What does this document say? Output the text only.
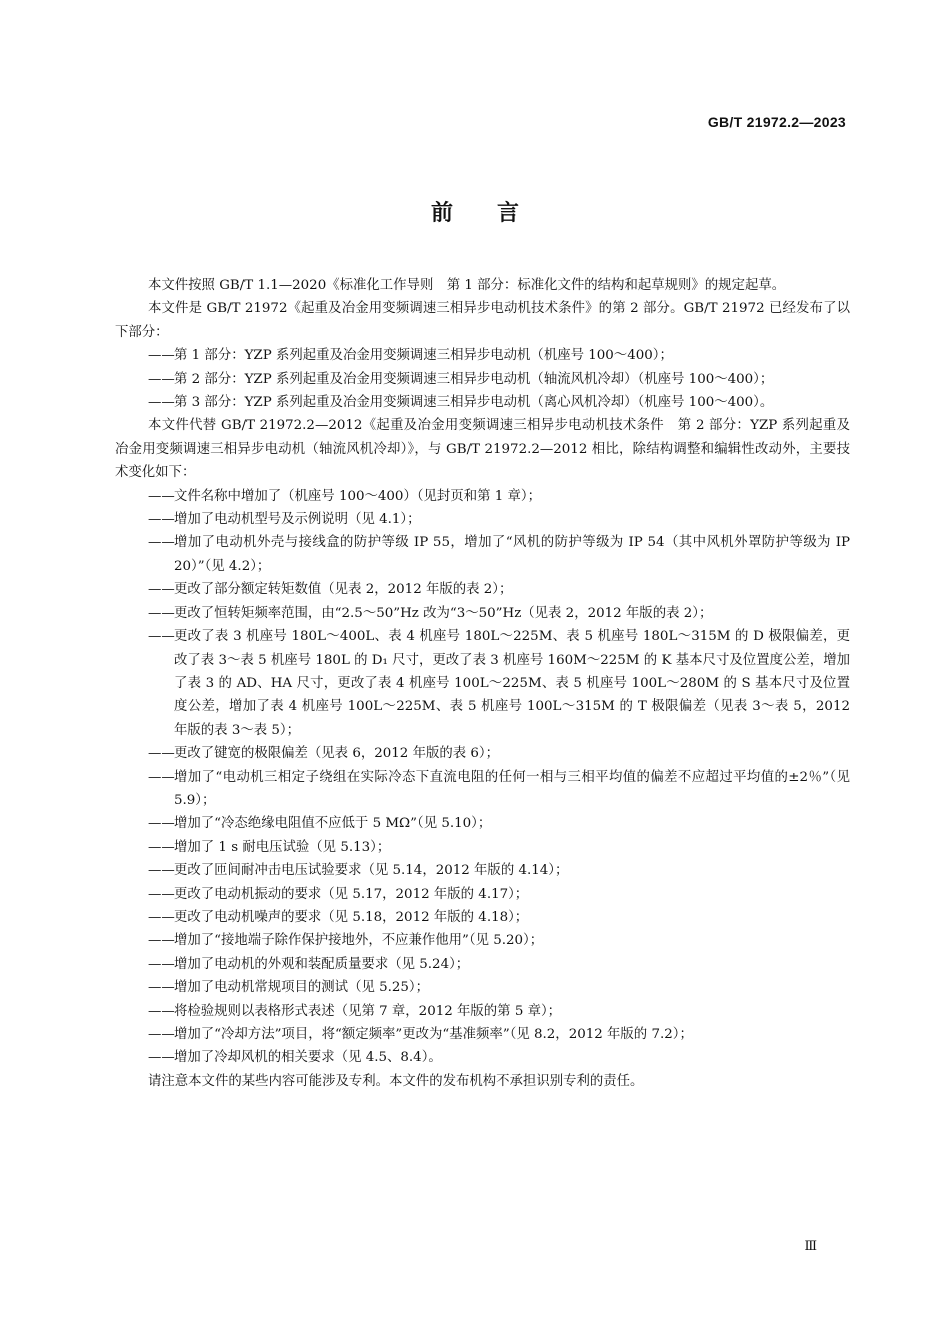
GB/T 21972.2—2023
前言
本文件按照 GB/T 1.1—2020《标准化工作导则　第 1 部分：标准化文件的结构和起草规则》的规定起草。
本文件是 GB/T 21972《起重及冶金用变频调速三相异步电动机技术条件》的第 2 部分。GB/T 21972 已经发布了以下部分：
—— 第 1 部分：YZP 系列起重及冶金用变频调速三相异步电动机（机座号 100～400）；
—— 第 2 部分：YZP 系列起重及冶金用变频调速三相异步电动机（轴流风机冷却）（机座号 100～400）；
—— 第 3 部分：YZP 系列起重及冶金用变频调速三相异步电动机（离心风机冷却）（机座号 100～400）。
本文件代替 GB/T 21972.2—2012《起重及冶金用变频调速三相异步电动机技术条件　第 2 部分：YZP 系列起重及冶金用变频调速三相异步电动机（轴流风机冷却）》，与 GB/T 21972.2—2012 相比，除结构调整和编辑性改动外，主要技术变化如下：
—— 文件名称中增加了（机座号 100～400）（见封页和第 1 章）；
—— 增加了电动机型号及示例说明（见 4.1）；
—— 增加了电动机外壳与接线盒的防护等级 IP 55，增加了“风机的防护等级为 IP 54（其中风机外罩防护等级为 IP 20）”（见 4.2）；
—— 更改了部分额定转矩数值（见表 2，2012 年版的表 2）；
—— 更改了恒转矩频率范围，由“2.5～50”Hz 改为“3～50”Hz（见表 2，2012 年版的表 2）；
—— 更改了表 3 机座号 180L～400L、表 4 机座号 180L～225M、表 5 机座号 180L～315M 的 D 极限偏差，更改了表 3～表 5 机座号 180L 的 D₁ 尺寸，更改了表 3 机座号 160M～225M 的 K 基本尺寸及位置度公差，增加了表 3 的 AD、HA 尺寸，更改了表 4 机座号 100L～225M、表 5 机座号 100L～280M 的 S 基本尺寸及位置度公差，增加了表 4 机座号 100L～225M、表 5 机座号 100L～315M 的 T 极限偏差（见表 3～表 5，2012 年版的表 3～表 5）；
—— 更改了键宽的极限偏差（见表 6，2012 年版的表 6）；
—— 增加了“电动机三相定子绕组在实际冷态下直流电阻的任何一相与三相平均值的偏差不应超过平均值的±2％”（见 5.9）；
—— 增加了“冷态绝缘电阻值不应低于 5 MΩ”（见 5.10）；
—— 增加了 1 s 耐电压试验（见 5.13）；
—— 更改了匝间耐冲击电压试验要求（见 5.14，2012 年版的 4.14）；
—— 更改了电动机振动的要求（见 5.17，2012 年版的 4.17）；
—— 更改了电动机噪声的要求（见 5.18，2012 年版的 4.18）；
—— 增加了“接地端子除作保护接地外，不应兼作他用”（见 5.20）；
—— 增加了电动机的外观和装配质量要求（见 5.24）；
—— 增加了电动机常规项目的测试（见 5.25）；
—— 将检验规则以表格形式表述（见第 7 章，2012 年版的第 5 章）；
—— 增加了“冷却方法”项目，将“额定频率”更改为“基准频率”（见 8.2，2012 年版的 7.2）；
—— 增加了冷却风机的相关要求（见 4.5、8.4）。
请注意本文件的某些内容可能涉及专利。本文件的发布机构不承担识别专利的责任。
Ⅲ
